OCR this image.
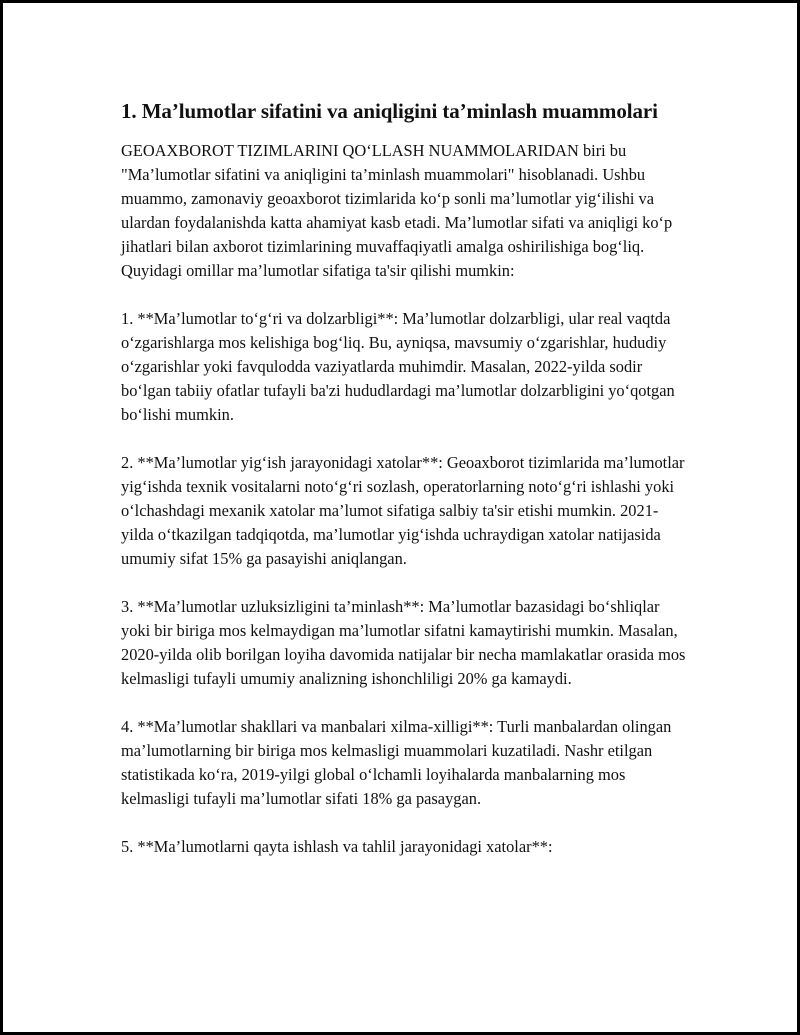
1. Ma’lumotlar sifatini va aniqligini ta’minlash muammolari

GEOAXBOROT TIZIMLARINI QO‘LLASH NUAMMOLARIDAN biri bu "Ma’lumotlar sifatini va aniqligini ta’minlash muammolari" hisoblanadi. Ushbu muammo, zamonaviy geoaxborot tizimlarida ko‘p sonli ma’lumotlar yig‘ilishi va ulardan foydalanishda katta ahamiyat kasb etadi. Ma’lumotlar sifati va aniqligi ko‘p jihatlari bilan axborot tizimlarining muvaffaqiyatli amalga oshirilishiga bog‘liq. Quyidagi omillar ma’lumotlar sifatiga ta'sir qilishi mumkin:

1. **Ma’lumotlar to‘g‘ri va dolzarbligi**: Ma’lumotlar dolzarbligi, ular real vaqtda o‘zgarishlarga mos kelishiga bog‘liq. Bu, ayniqsa, mavsumiy o‘zgarishlar, hududiy o‘zgarishlar yoki favqulodda vaziyatlarda muhimdir. Masalan, 2022-yilda sodir bo‘lgan tabiiy ofatlar tufayli ba'zi hududlardagi ma’lumotlar dolzarbligini yo‘qotgan bo‘lishi mumkin.

2. **Ma’lumotlar yig‘ish jarayonidagi xatolar**: Geoaxborot tizimlarida ma’lumotlar yig‘ishda texnik vositalarni noto‘g‘ri sozlash, operatorlarning noto‘g‘ri ishlashi yoki o‘lchashdagi mexanik xatolar ma’lumot sifatiga salbiy ta'sir etishi mumkin. 2021-yilda o‘tkazilgan tadqiqotda, ma’lumotlar yig‘ishda uchraydigan xatolar natijasida umumiy sifat 15% ga pasayishi aniqlangan.

3. **Ma’lumotlar uzluksizligini ta’minlash**: Ma’lumotlar bazasidagi bo‘shliqlar yoki bir biriga mos kelmaydigan ma’lumotlar sifatni kamaytirishi mumkin. Masalan, 2020-yilda olib borilgan loyiha davomida natijalar bir necha mamlakatlar orasida mos kelmasligi tufayli umumiy analizning ishonchliligi 20% ga kamaydi.

4. **Ma’lumotlar shakllari va manbalari xilma-xilligi**: Turli manbalardan olingan ma’lumotlarning bir biriga mos kelmasligi muammolari kuzatiladi. Nashr etilgan statistikada ko‘ra, 2019-yilgi global o‘lchamli loyihalarda manbalarning mos kelmasligi tufayli ma’lumotlar sifati 18% ga pasaygan.

5. **Ma’lumotlarni qayta ishlash va tahlil jarayonidagi xatolar**:
